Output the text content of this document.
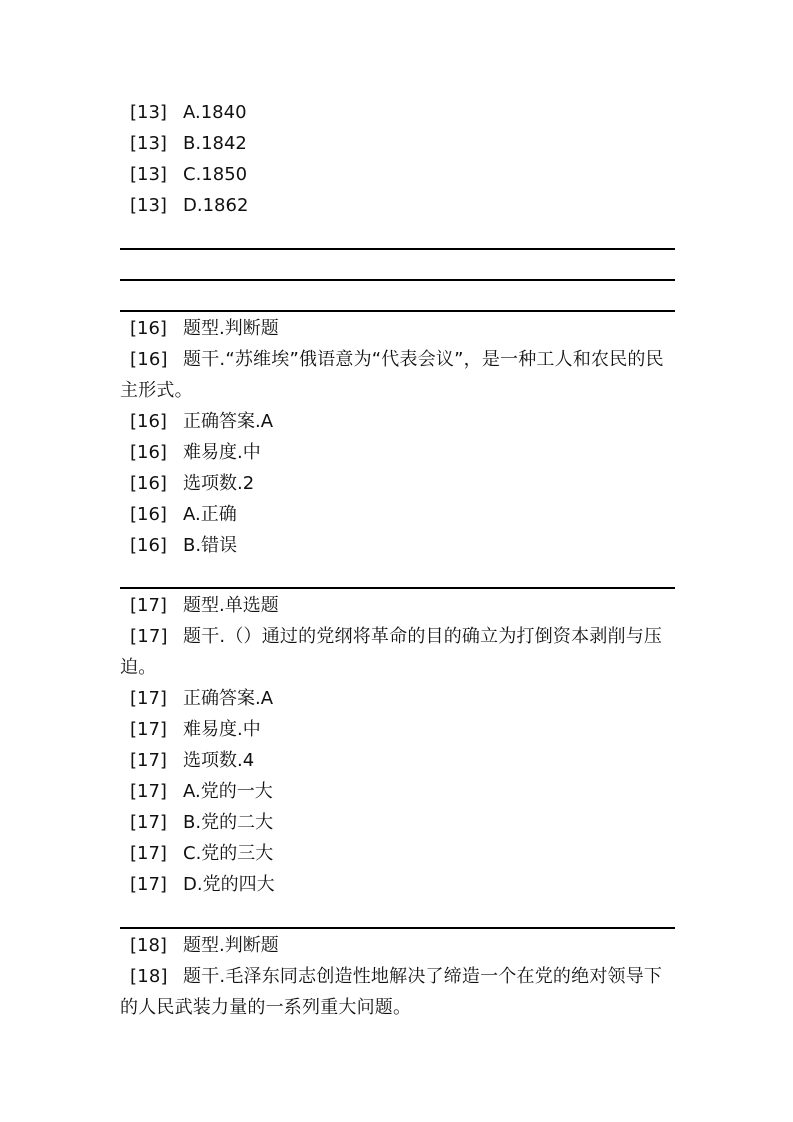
[13] A.1840
[13] B.1842
[13] C.1850
[13] D.1862
[16] 题型.判断题
[16] 题干.“苏维埃”俄语意为“代表会议”，是一种工人和农民的民主形式。
[16] 正确答案.A
[16] 难易度.中
[16] 选项数.2
[16] A.正确
[16] B.错误
[17] 题型.单选题
[17] 题干.（）通过的党纲将革命的目的确立为打倒资本剥削与压迫。
[17] 正确答案.A
[17] 难易度.中
[17] 选项数.4
[17] A.党的一大
[17] B.党的二大
[17] C.党的三大
[17] D.党的四大
[18] 题型.判断题
[18] 题干.毛泽东同志创造性地解决了缔造一个在党的绝对领导下的人民武装力量的一系列重大问题。
